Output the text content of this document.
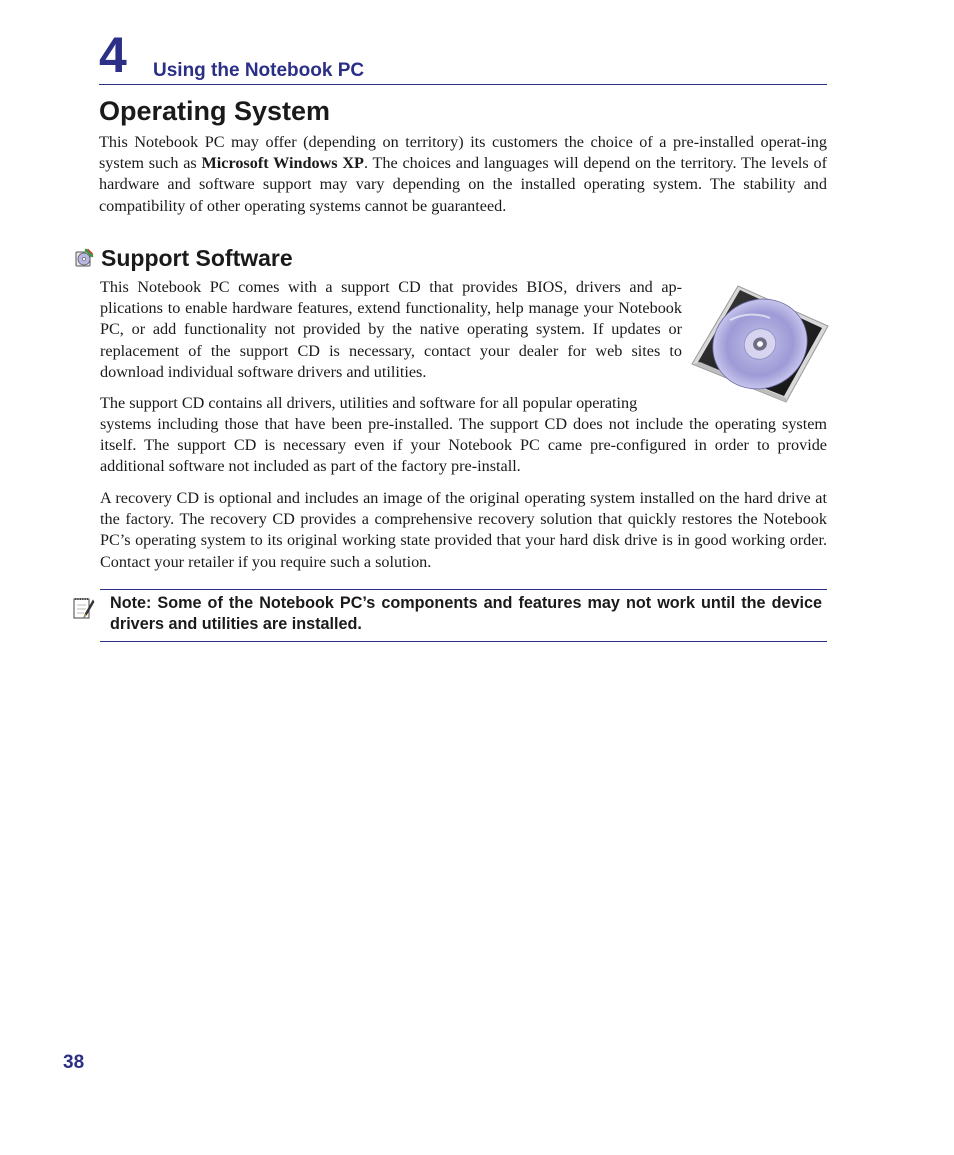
4 Using the Notebook PC
Operating System

This Notebook PC may offer (depending on territory) its customers the choice of a pre-installed operat-ing system such as Microsoft Windows XP. The choices and languages will depend on the territory. The levels of hardware and software support may vary depending on the installed operating system. The stability and compatibility of other operating systems cannot be guaranteed.

Support Software

This Notebook PC comes with a support CD that provides BIOS, drivers and ap-plications to enable hardware features, extend functionality, help manage your Notebook PC, or add functionality not provided by the native operating system. If updates or replacement of the support CD is necessary, contact your dealer for web sites to download individual software drivers and utilities.

The support CD contains all drivers, utilities and software for all popular operating

systems including those that have been pre-installed. The support CD does not include the operating system itself. The support CD is necessary even if your Notebook PC came pre-configured in order to provide additional software not included as part of the factory pre-install.

A recovery CD is optional and includes an image of the original operating system installed on the hard drive at the factory. The recovery CD provides a comprehensive recovery solution that quickly restores the Notebook PC’s operating system to its original working state provided that your hard disk drive is in good working order. Contact your retailer if you require such a solution.

Note: Some of the Notebook PC’s components and features may not work until the device drivers and utilities are installed.

38
